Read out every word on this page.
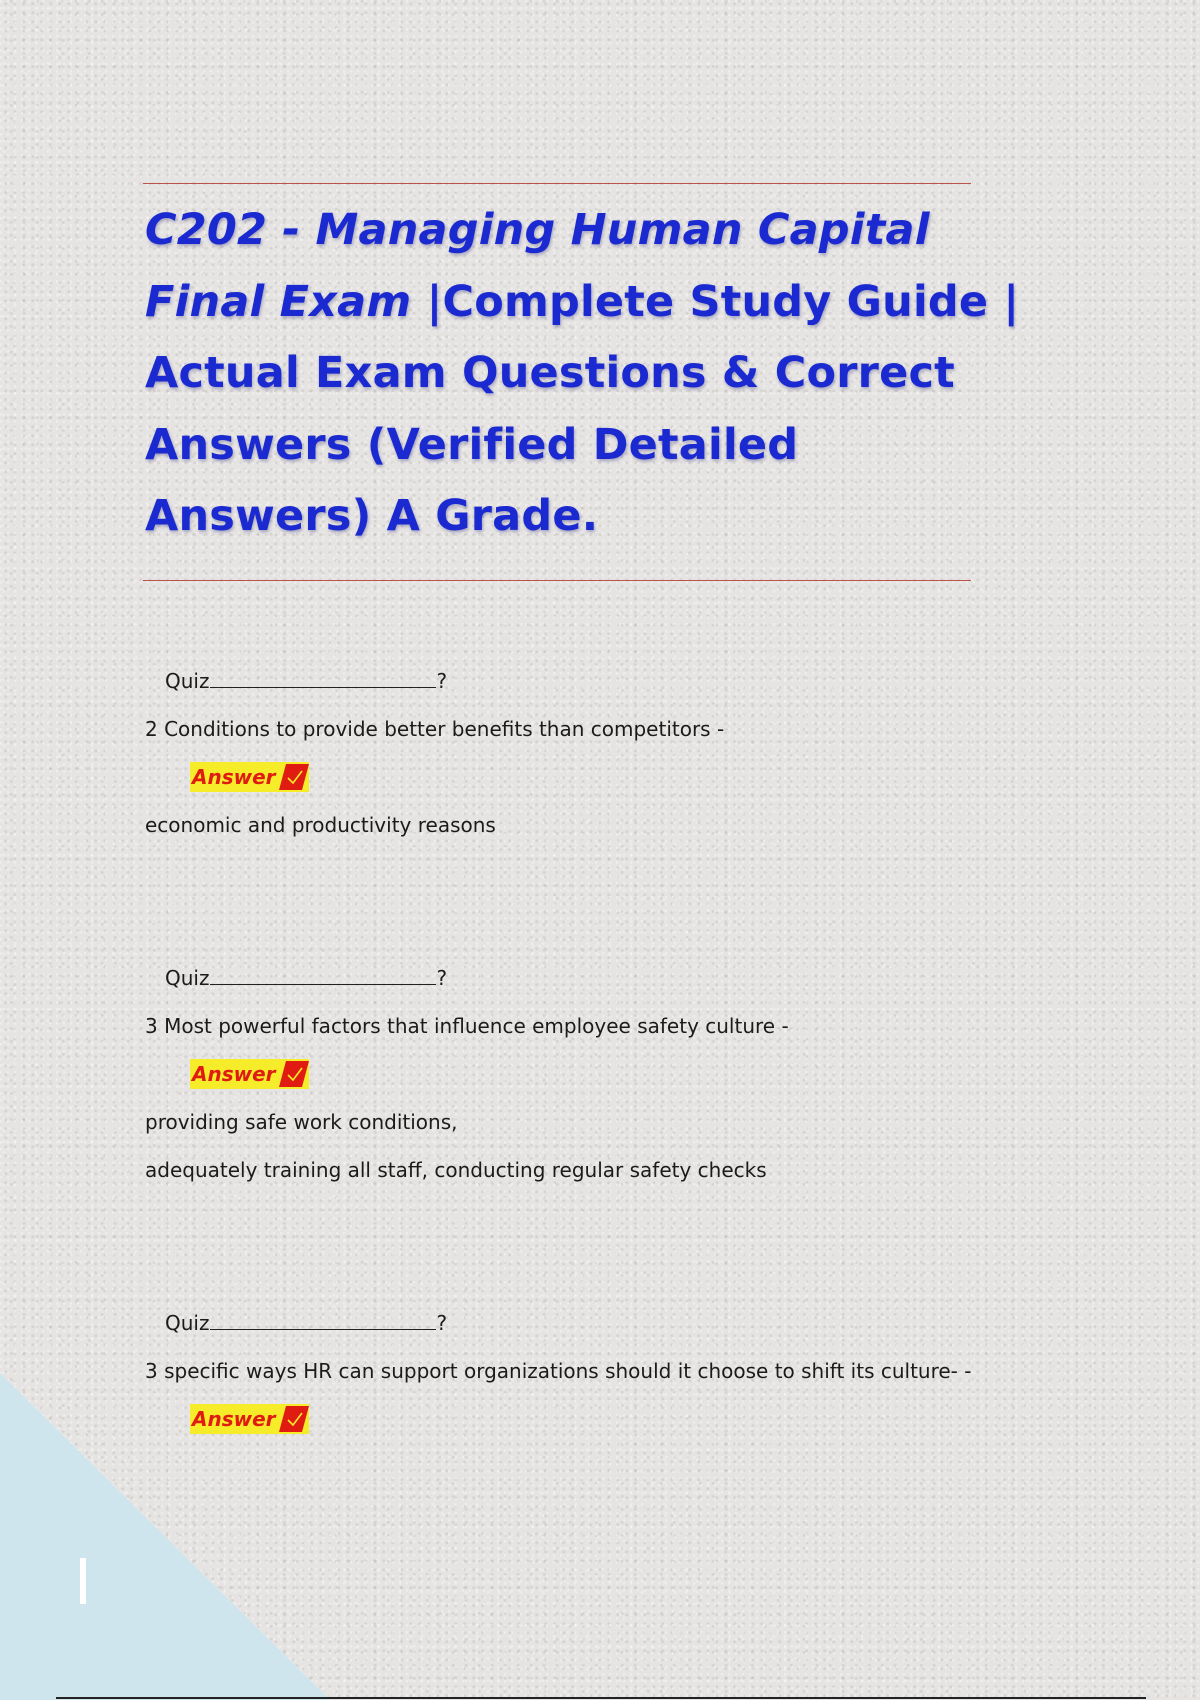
C202 - Managing Human Capital
Final Exam |Complete Study Guide |
Actual Exam Questions & Correct
Answers (Verified Detailed
Answers) A Grade.
Quiz	?
2 Conditions to provide better benefits than competitors -
Answer
economic and productivity reasons
Quiz	?
3 Most powerful factors that influence employee safety culture -
Answer
providing safe work conditions,
adequately training all staff, conducting regular safety checks
Quiz	?
3 specific ways HR can support organizations should it choose to shift its culture- -
Answer
